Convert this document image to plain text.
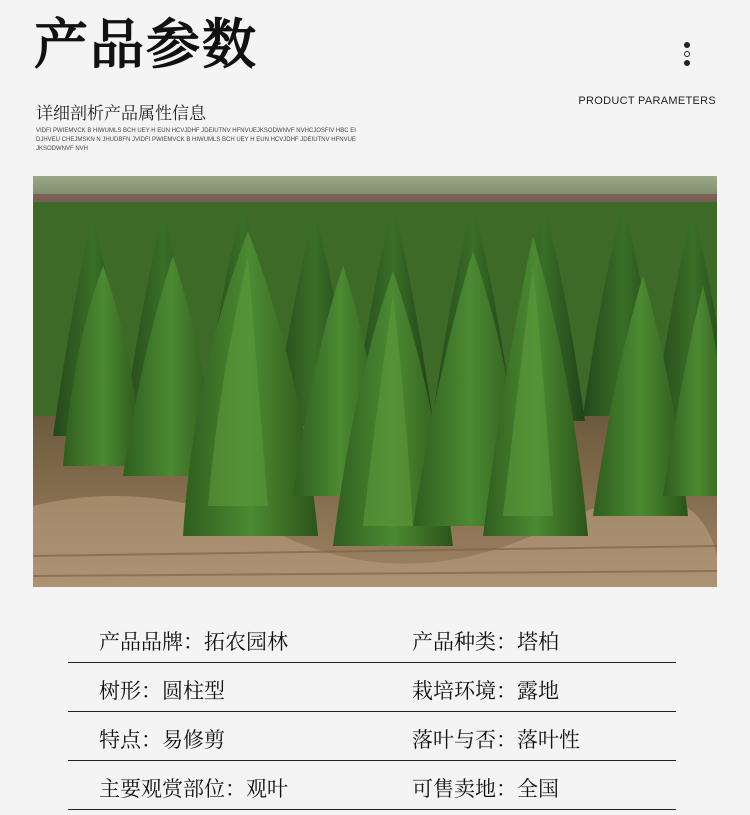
产品参数
详细剖析产品属性信息
PRODUCT PARAMETERS
VIDFI PWIEMVCK B HIWUMLS BCH UEY H EUN HCVJDHF JDEIUTNV HFNVUEJKSODWNVF NVHCJOSFIV HBC EIDJHVEU CHEJMSKN N JHUDBFN JVIDFI PWIEMVCK B HIWUMLS BCH UEY H EUN HCVJDHF JDEIUTNV HFNVUEJKSODWNVF NVH
产品品牌：拓农园林	产品种类：塔柏
树形：圆柱型	栽培环境：露地
特点：易修剪	落叶与否：落叶性
主要观赏部位：观叶	可售卖地：全国
